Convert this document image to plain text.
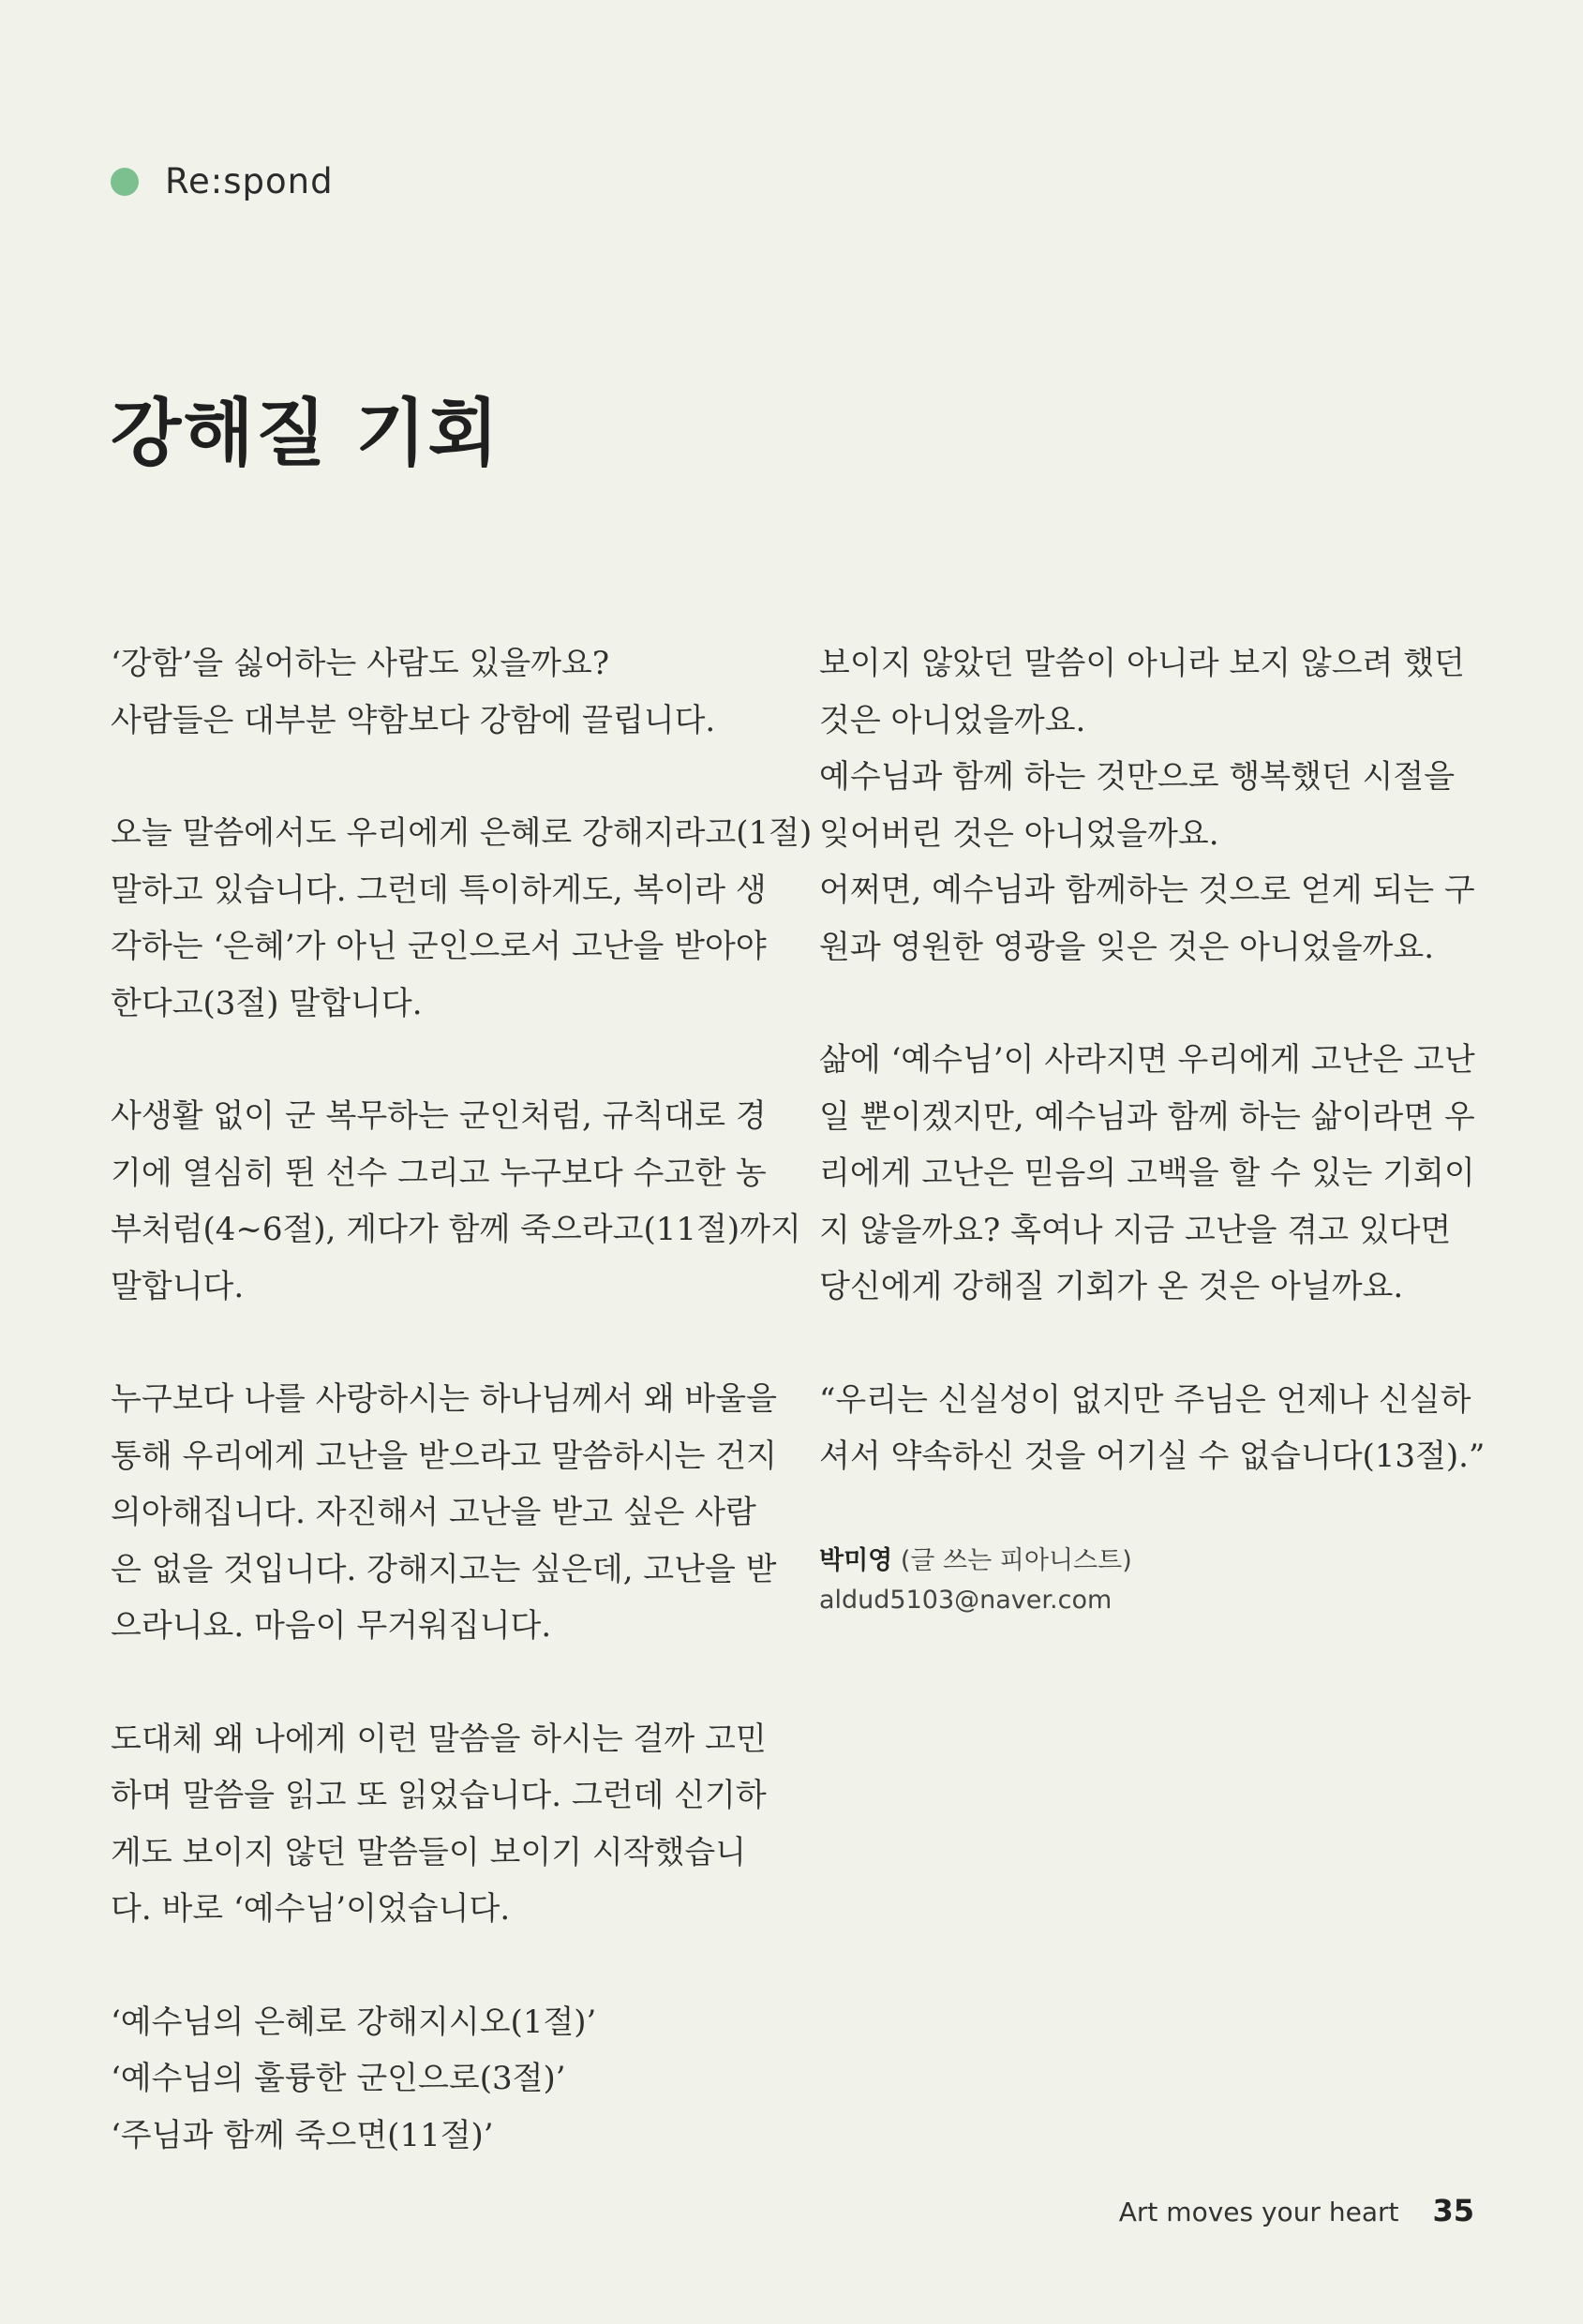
Re:spond
강해질 기회
‘강함’을 싫어하는 사람도 있을까요?
사람들은 대부분 약함보다 강함에 끌립니다.
오늘 말씀에서도 우리에게 은혜로 강해지라고(1절)
말하고 있습니다. 그런데 특이하게도, 복이라 생
각하는 ‘은혜’가 아닌 군인으로서 고난을 받아야
한다고(3절) 말합니다.
사생활 없이 군 복무하는 군인처럼, 규칙대로 경
기에 열심히 뛴 선수 그리고 누구보다 수고한 농
부처럼(4~6절), 게다가 함께 죽으라고(11절)까지
말합니다.
누구보다 나를 사랑하시는 하나님께서 왜 바울을
통해 우리에게 고난을 받으라고 말씀하시는 건지
의아해집니다. 자진해서 고난을 받고 싶은 사람
은 없을 것입니다. 강해지고는 싶은데, 고난을 받
으라니요. 마음이 무거워집니다.
도대체 왜 나에게 이런 말씀을 하시는 걸까 고민
하며 말씀을 읽고 또 읽었습니다. 그런데 신기하
게도 보이지 않던 말씀들이 보이기 시작했습니
다. 바로 ‘예수님’이었습니다.
‘예수님의 은혜로 강해지시오(1절)’
‘예수님의 훌륭한 군인으로(3절)’
‘주님과 함께 죽으면(11절)’
보이지 않았던 말씀이 아니라 보지 않으려 했던
것은 아니었을까요.
예수님과 함께 하는 것만으로 행복했던 시절을
잊어버린 것은 아니었을까요.
어쩌면, 예수님과 함께하는 것으로 얻게 되는 구
원과 영원한 영광을 잊은 것은 아니었을까요.
삶에 ‘예수님’이 사라지면 우리에게 고난은 고난
일 뿐이겠지만, 예수님과 함께 하는 삶이라면 우
리에게 고난은 믿음의 고백을 할 수 있는 기회이
지 않을까요? 혹여나 지금 고난을 겪고 있다면
당신에게 강해질 기회가 온 것은 아닐까요.
“우리는 신실성이 없지만 주님은 언제나 신실하
셔서 약속하신 것을 어기실 수 없습니다(13절).”
박미영 (글 쓰는 피아니스트)
aldud5103@naver.com
Art moves your heart 35
